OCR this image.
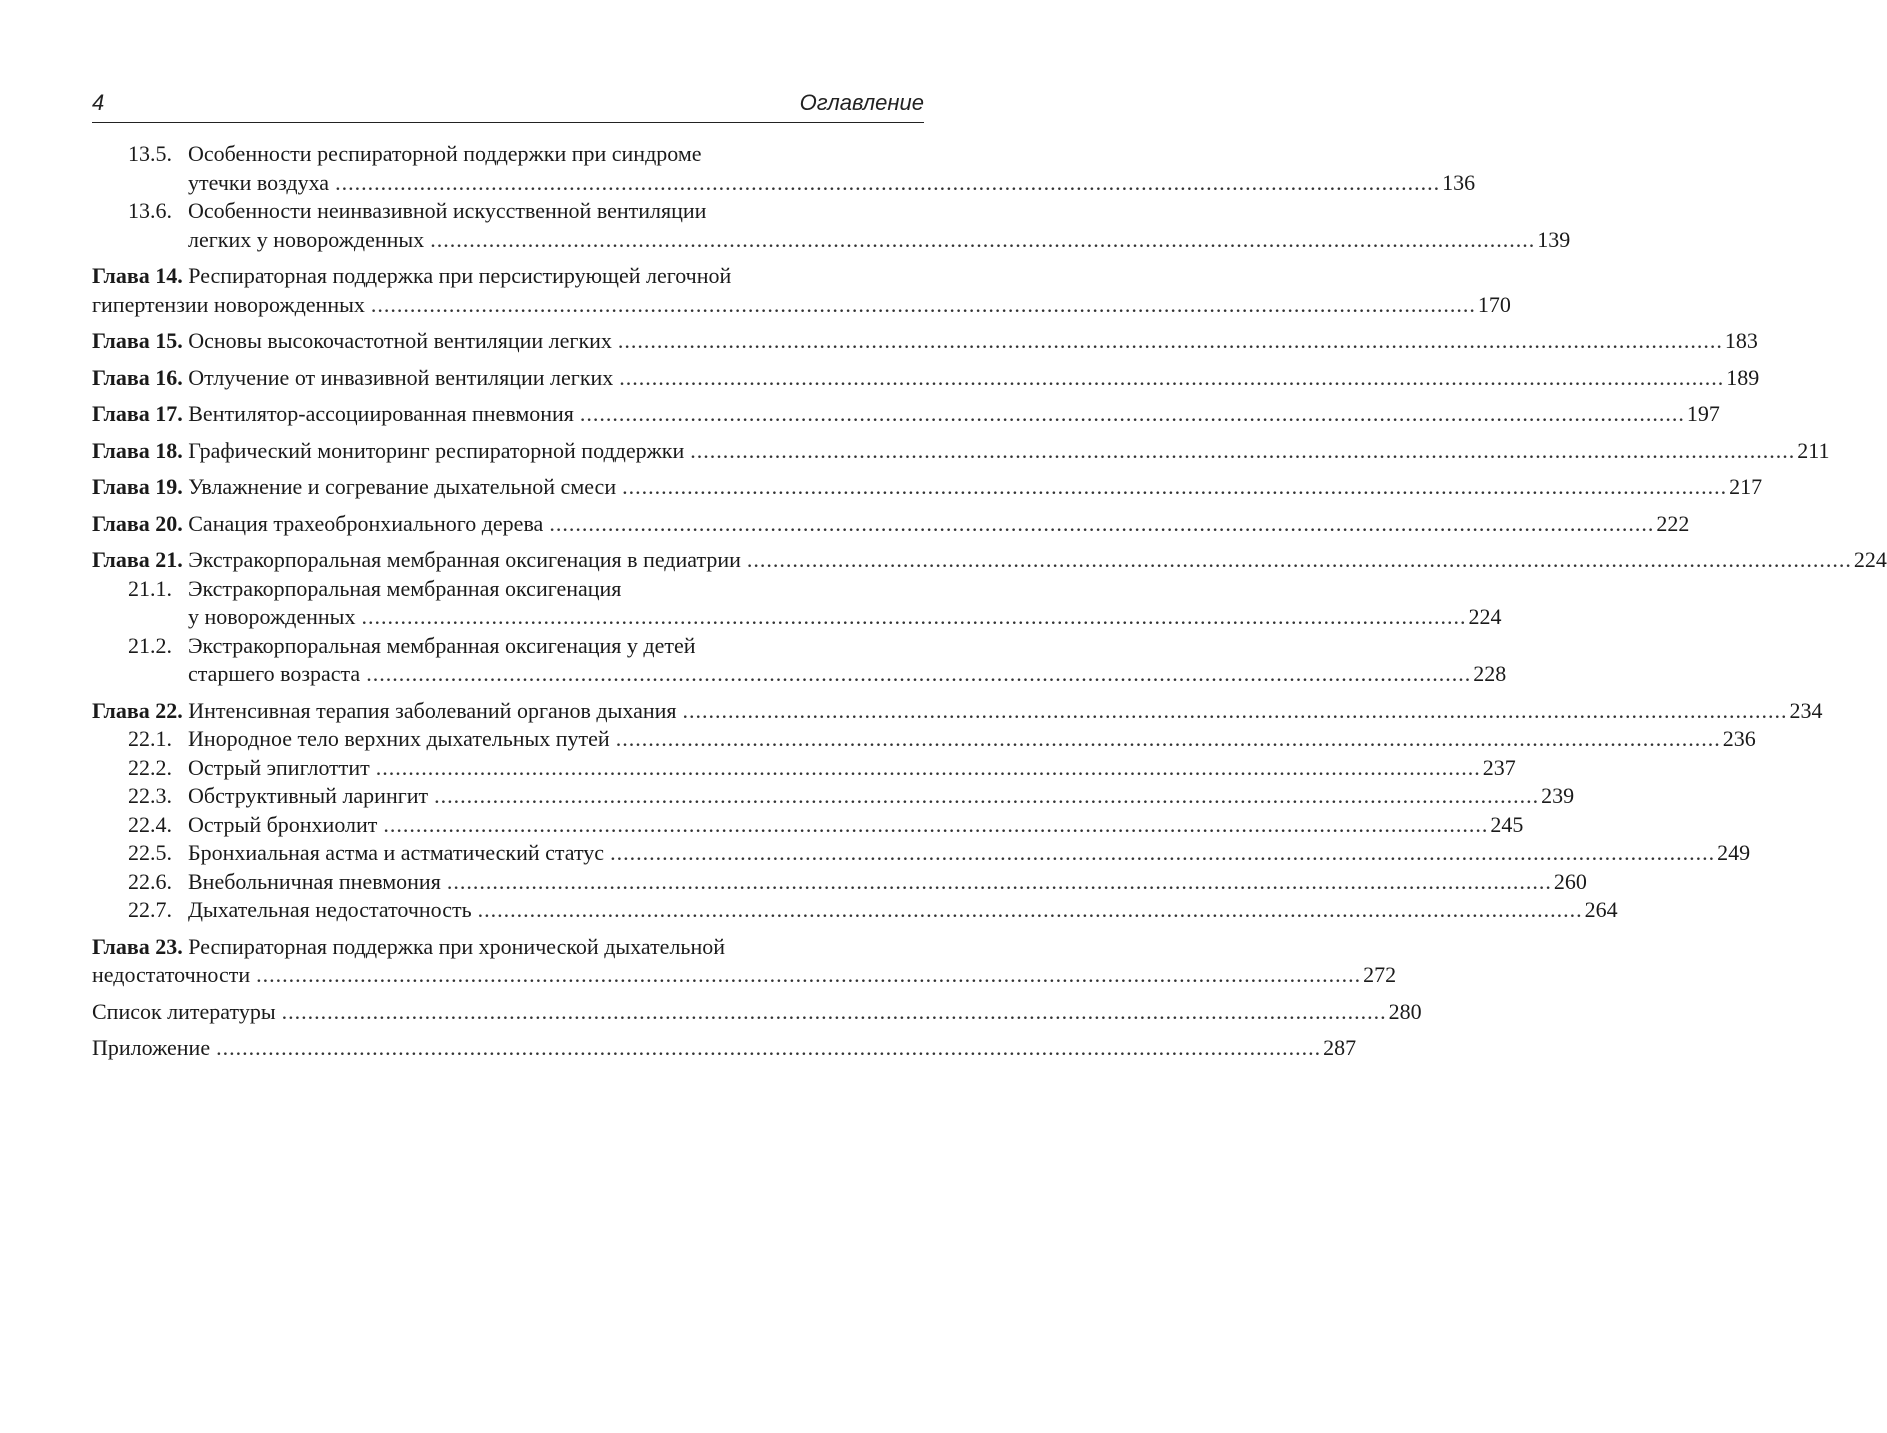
4	Оглавление
13.5. Особенности респираторной поддержки при синдроме
утечки воздуха .......................................................................................................................................................................... 136
13.6. Особенности неинвазивной искусственной вентиляции
легких у новорожденных .......................................................................................................................................................................... 139
Глава 14. Респираторная поддержка при персистирующей легочной
гипертензии новорожденных .......................................................................................................................................................................... 170
Глава 15. Основы высокочастотной вентиляции легких .......................................................................................................................................................................... 183
Глава 16. Отлучение от инвазивной вентиляции легких .......................................................................................................................................................................... 189
Глава 17. Вентилятор-ассоциированная пневмония .......................................................................................................................................................................... 197
Глава 18. Графический мониторинг респираторной поддержки .......................................................................................................................................................................... 211
Глава 19. Увлажнение и согревание дыхательной смеси .......................................................................................................................................................................... 217
Глава 20. Санация трахеобронхиального дерева .......................................................................................................................................................................... 222
Глава 21. Экстракорпоральная мембранная оксигенация в педиатрии .......................................................................................................................................................................... 224
21.1. Экстракорпоральная мембранная оксигенация
у новорожденных .......................................................................................................................................................................... 224
21.2. Экстракорпоральная мембранная оксигенация у детей
старшего возраста .......................................................................................................................................................................... 228
Глава 22. Интенсивная терапия заболеваний органов дыхания .......................................................................................................................................................................... 234
22.1. Инородное тело верхних дыхательных путей .......................................................................................................................................................................... 236
22.2. Острый эпиглоттит .......................................................................................................................................................................... 237
22.3. Обструктивный ларингит .......................................................................................................................................................................... 239
22.4. Острый бронхиолит .......................................................................................................................................................................... 245
22.5. Бронхиальная астма и астматический статус .......................................................................................................................................................................... 249
22.6. Внебольничная пневмония .......................................................................................................................................................................... 260
22.7. Дыхательная недостаточность .......................................................................................................................................................................... 264
Глава 23. Респираторная поддержка при хронической дыхательной
недостаточности .......................................................................................................................................................................... 272
Список литературы .......................................................................................................................................................................... 280
Приложение .......................................................................................................................................................................... 287
